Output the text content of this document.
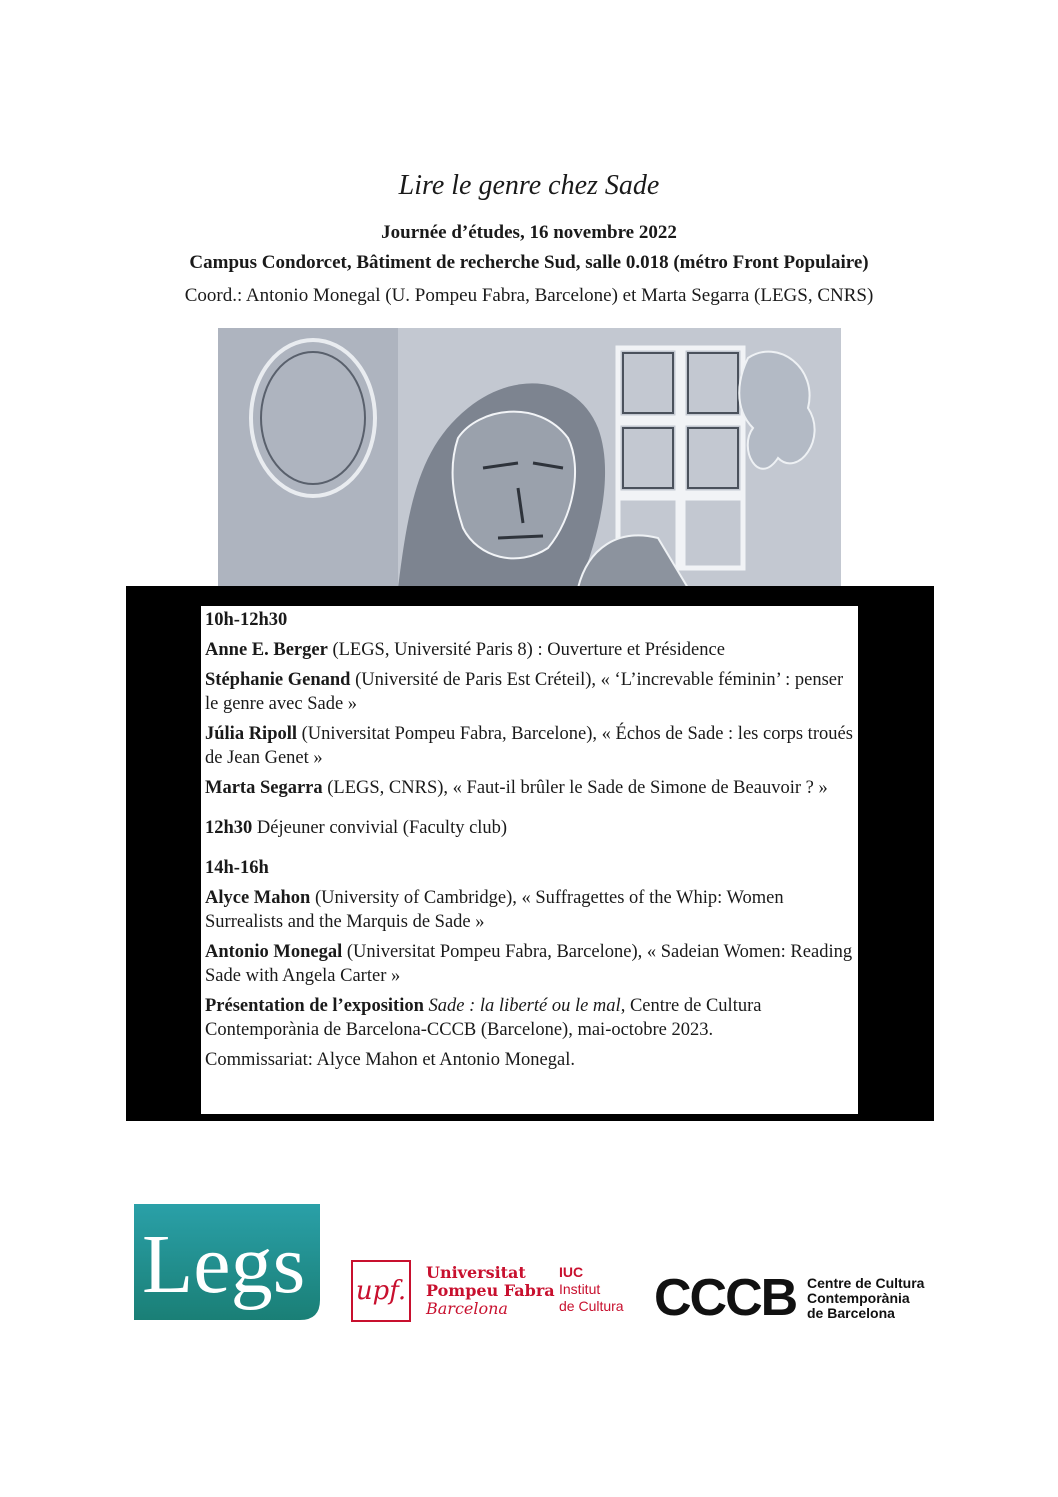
Lire le genre chez Sade
Journée d’études, 16 novembre 2022
Campus Condorcet, Bâtiment de recherche Sud, salle 0.018 (métro Front Populaire)
Coord.: Antonio Monegal (U. Pompeu Fabra, Barcelone) et Marta Segarra (LEGS, CNRS)

10h-12h30

Anne E. Berger (LEGS, Université Paris 8) : Ouverture et Présidence

Stéphanie Genand (Université de Paris Est Créteil), « ‘L’increvable féminin’ : penser le genre avec Sade »

Júlia Ripoll (Universitat Pompeu Fabra, Barcelone), « Échos de Sade : les corps troués de Jean Genet »

Marta Segarra (LEGS, CNRS), « Faut-il brûler le Sade de Simone de Beauvoir ? »

12h30 Déjeuner convivial (Faculty club)

14h-16h

Alyce Mahon (University of Cambridge), « Suffragettes of the Whip: Women Surrealists and the Marquis de Sade »

Antonio Monegal (Universitat Pompeu Fabra, Barcelone), « Sadeian Women: Reading Sade with Angela Carter »

Présentation de l’exposition Sade : la liberté ou le mal, Centre de Cultura Contemporània de Barcelona-CCCB (Barcelone), mai-octobre 2023.

Commissariat: Alyce Mahon et Antonio Monegal.

Legs upf.
Universitat
Pompeu Fabra
Barcelona
IUC
Institut
de Cultura CCCB Centre de Cultura
Contemporània
de Barcelona
